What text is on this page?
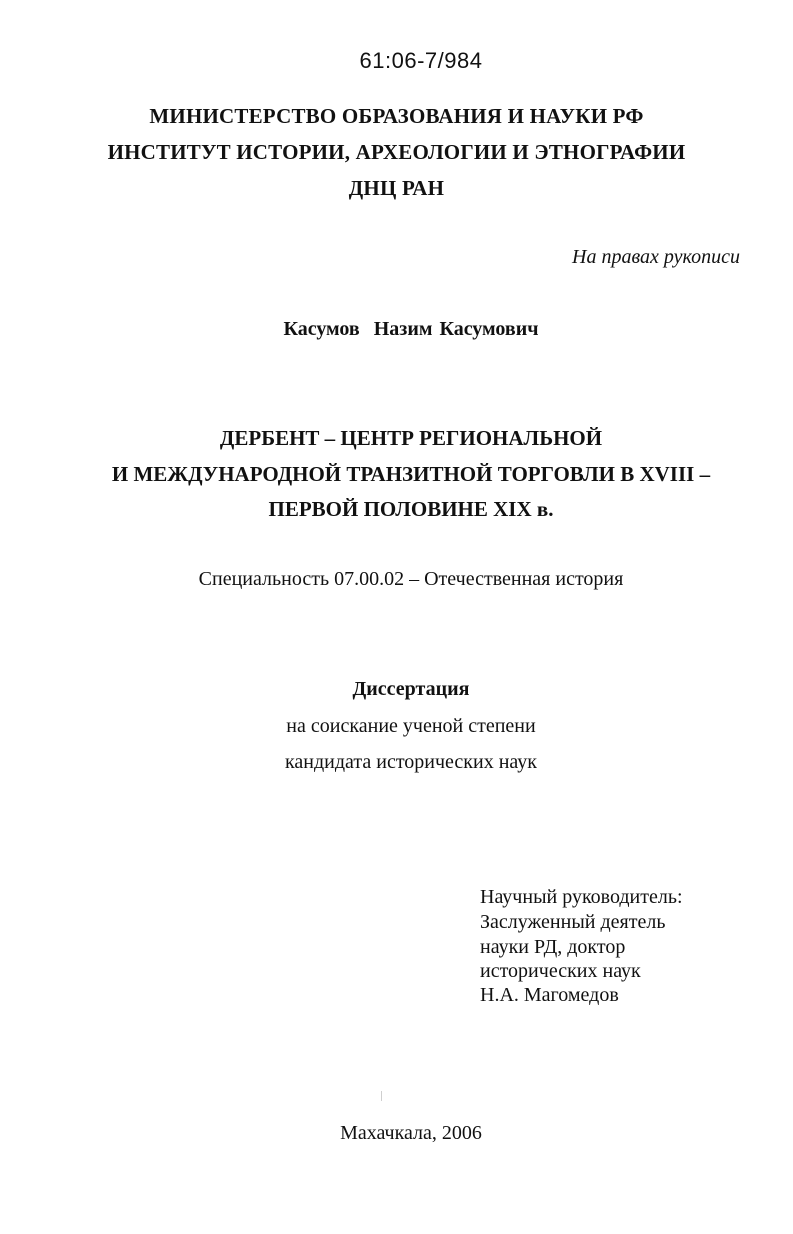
61:06-7/984
МИНИСТЕРСТВО ОБРАЗОВАНИЯ И НАУКИ РФ
ИНСТИТУТ ИСТОРИИ, АРХЕОЛОГИИ И ЭТНОГРАФИИ
ДНЦ РАН
На правах рукописи
Касумов  Назим Касумович
ДЕРБЕНТ – ЦЕНТР РЕГИОНАЛЬНОЙ
И МЕЖДУНАРОДНОЙ ТРАНЗИТНОЙ ТОРГОВЛИ В XVIII –
ПЕРВОЙ ПОЛОВИНЕ XIX в.
Специальность 07.00.02 – Отечественная история
Диссертация
на соискание ученой степени
кандидата исторических наук
Научный руководитель:
Заслуженный деятель
науки РД, доктор
исторических наук
Н.А. Магомедов
Махачкала, 2006
